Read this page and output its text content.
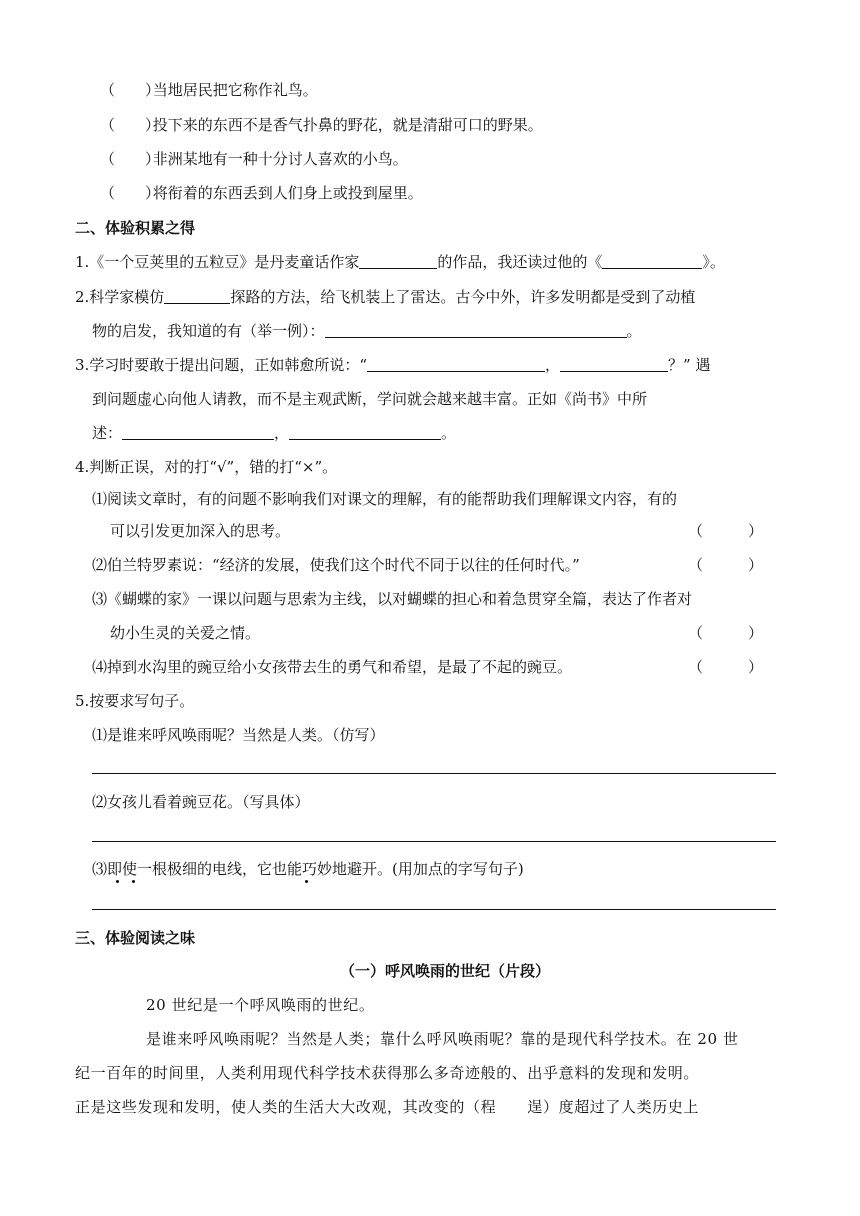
（　　） 当地居民把它称作礼鸟。
（　　） 投下来的东西不是香气扑鼻的野花，就是清甜可口的野果。
（　　） 非洲某地有一种十分讨人喜欢的小鸟。
（　　） 将衔着的东西丢到人们身上或投到屋里。
二、体验积累之得
1.《一个豆荚里的五粒豆》是丹麦童话作家	的作品，我还读过他的《	》。
2.科学家模仿	探路的方法，给飞机装上了雷达。古今中外，许多发明都是受到了动植
物的启发，我知道的有（举一例）：	。
3.学习时要敢于提出问题，正如韩愈所说：“	，	？” 遇
到问题虚心向他人请教，而不是主观武断，学问就会越来越丰富。正如《尚书》中所
述：	，	。
4.判断正误，对的打“√”，错的打“×”。
⑴阅读文章时，有的问题不影响我们对课文的理解，有的能帮助我们理解课文内容，有的
可以引发更加深入的思考。	（　　　）
⑵伯兰特罗素说：“经济的发展，使我们这个时代不同于以往的任何时代。”	（　　　）
⑶《蝴蝶的家》一课以问题与思索为主线，以对蝴蝶的担心和着急贯穿全篇，表达了作者对
幼小生灵的关爱之情。	（　　　）
⑷掉到水沟里的豌豆给小女孩带去生的勇气和希望，是最了不起的豌豆。	（　　　）
5.按要求写句子。
⑴是谁来呼风唤雨呢？当然是人类。（仿写）
⑵女孩儿看着豌豆花。（写具体）
⑶即使一根极细的电线，它也能巧妙地避开。(用加点的字写句子)
三、体验阅读之味
（一）呼风唤雨的世纪（片段）
20 世纪是一个呼风唤雨的世纪。
是谁来呼风唤雨呢？当然是人类；靠什么呼风唤雨呢？靠的是现代科学技术。在 20 世
纪一百年的时间里，人类利用现代科学技术获得那么多奇迹般的、出乎意料的发现和发明。
正是这些发现和发明，使人类的生活大大改观，其改变的（程　　逞）度超过了人类历史上
